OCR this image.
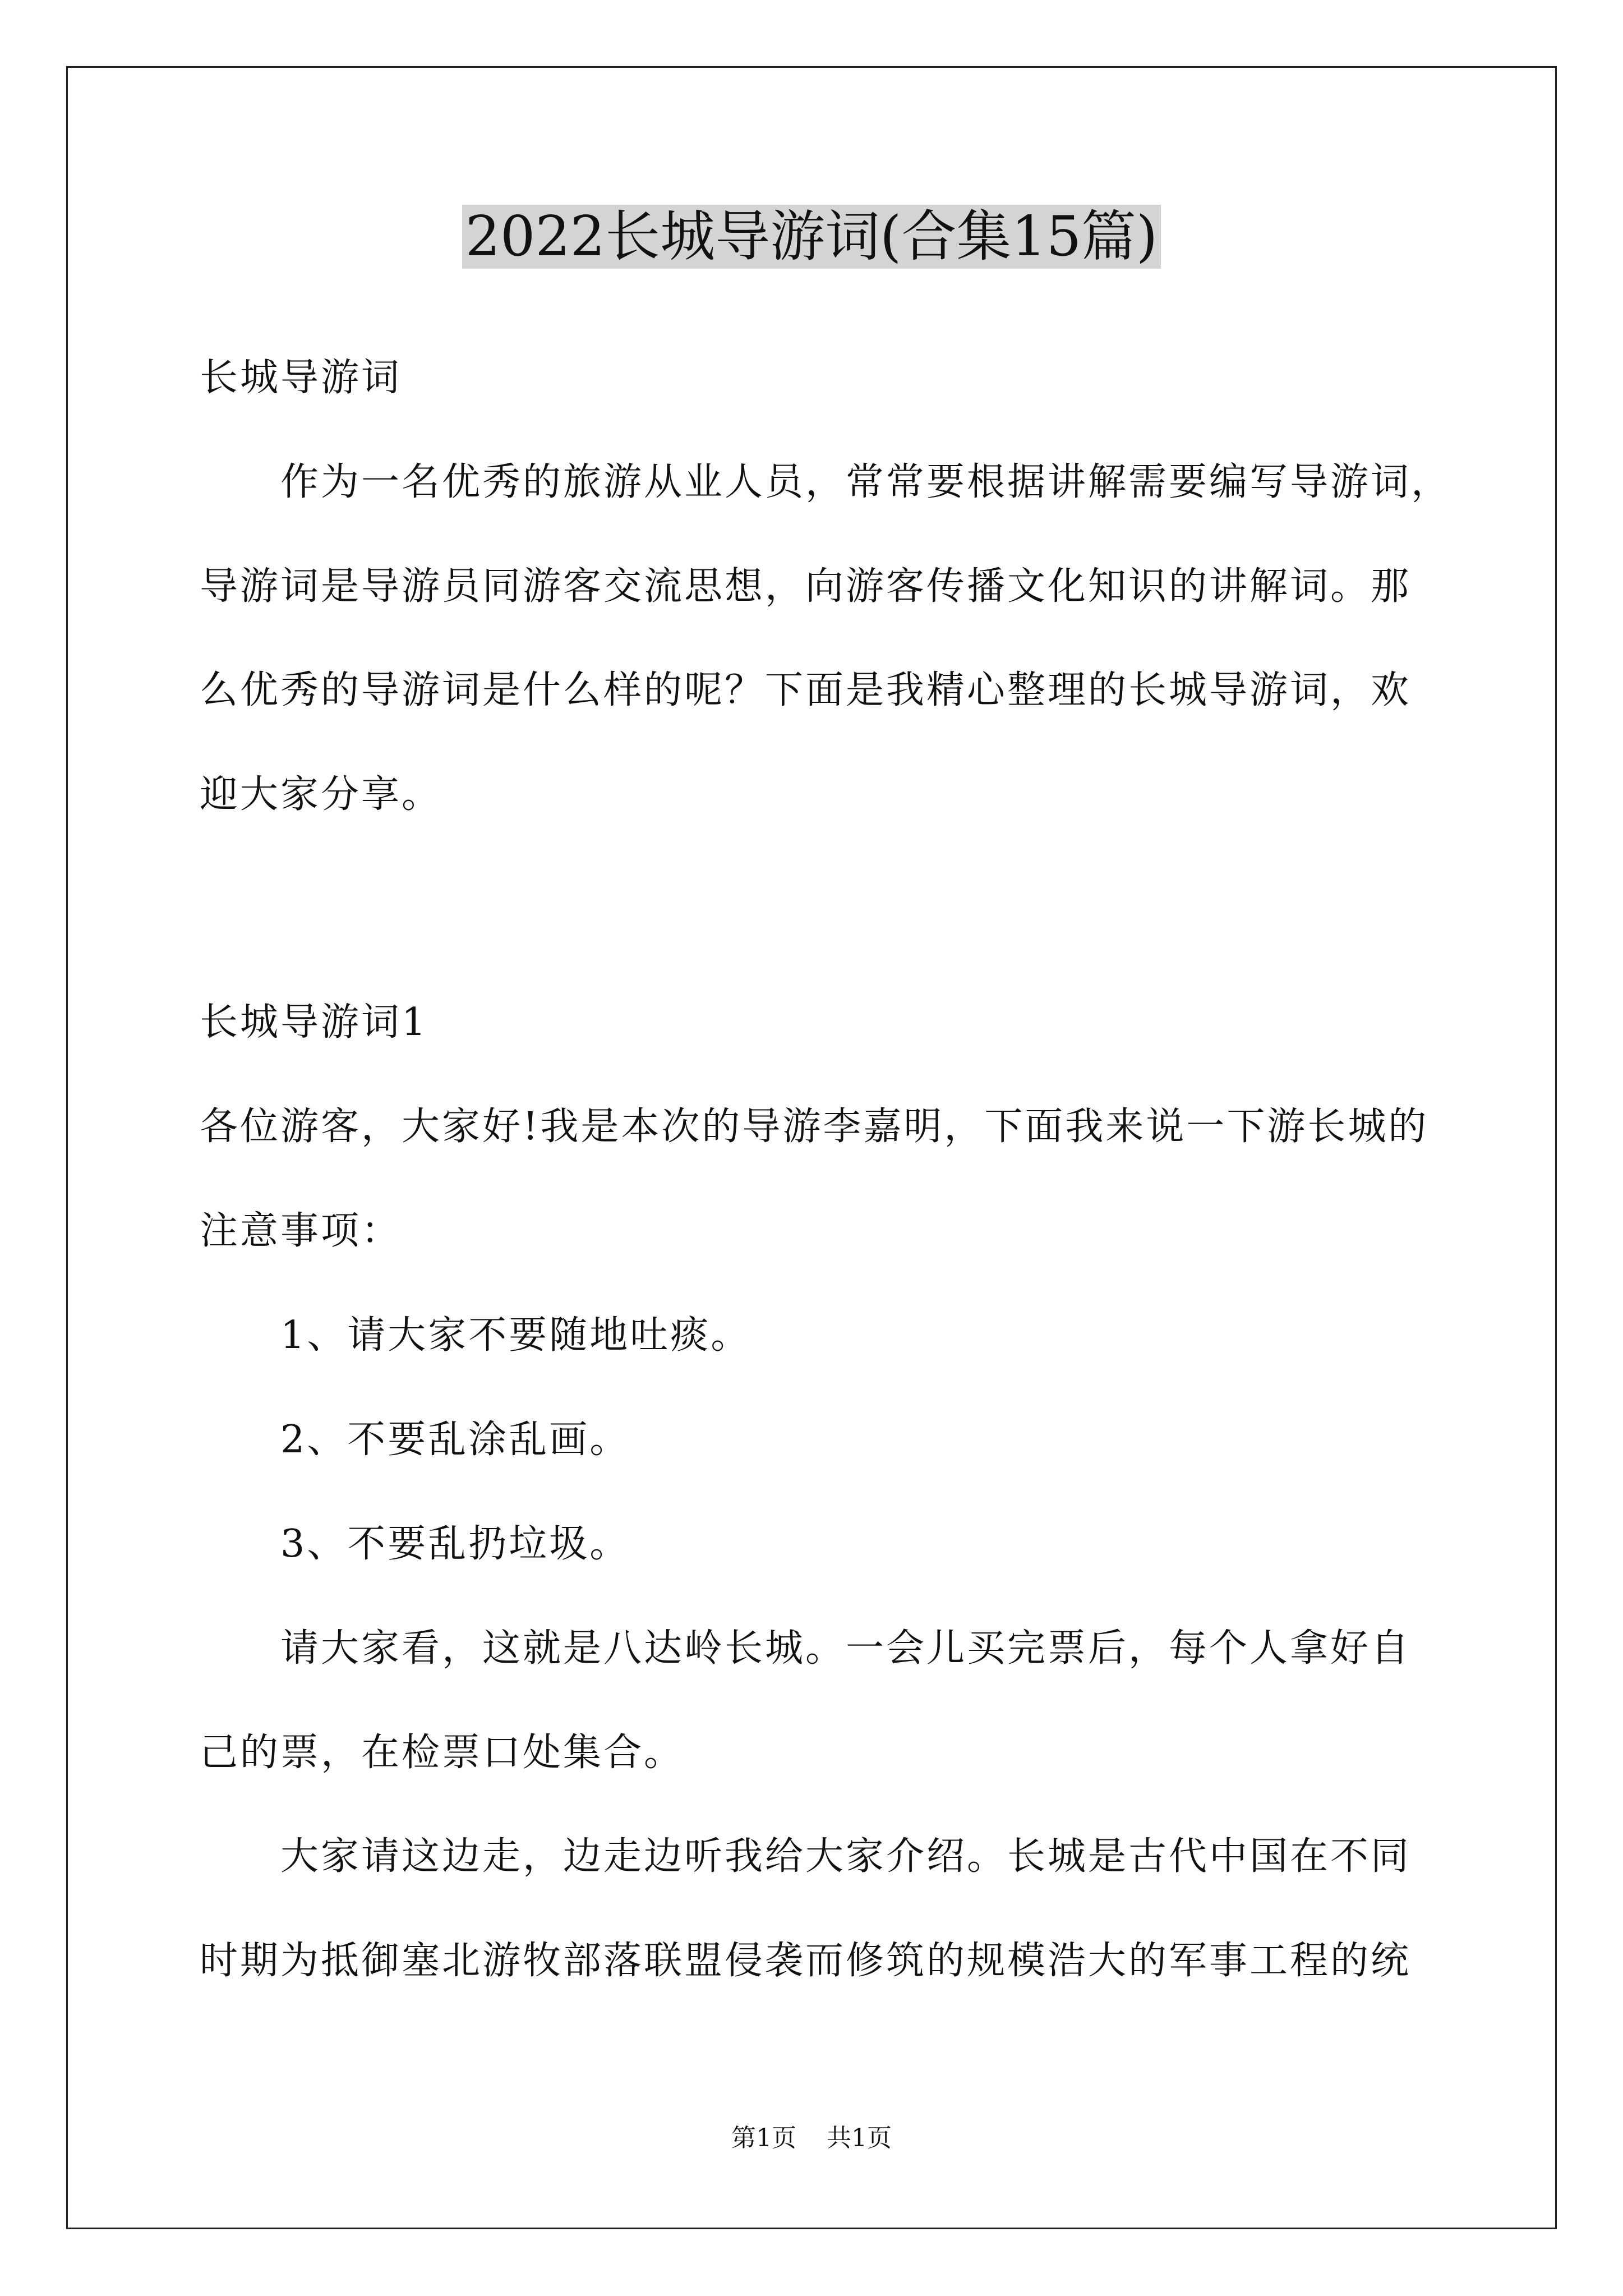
2022长城导游词(合集15篇)
长城导游词
作为一名优秀的旅游从业人员，常常要根据讲解需要编写导游词，
导游词是导游员同游客交流思想，向游客传播文化知识的讲解词。那
么优秀的导游词是什么样的呢？下面是我精心整理的长城导游词，欢
迎大家分享。
长城导游词1
各位游客，大家好!我是本次的导游李嘉明，下面我来说一下游长城的
注意事项：
1、请大家不要随地吐痰。
2、不要乱涂乱画。
3、不要乱扔垃圾。
请大家看，这就是八达岭长城。一会儿买完票后，每个人拿好自
己的票，在检票口处集合。
大家请这边走，边走边听我给大家介绍。长城是古代中国在不同
时期为抵御塞北游牧部落联盟侵袭而修筑的规模浩大的军事工程的统
第1页 共1页
